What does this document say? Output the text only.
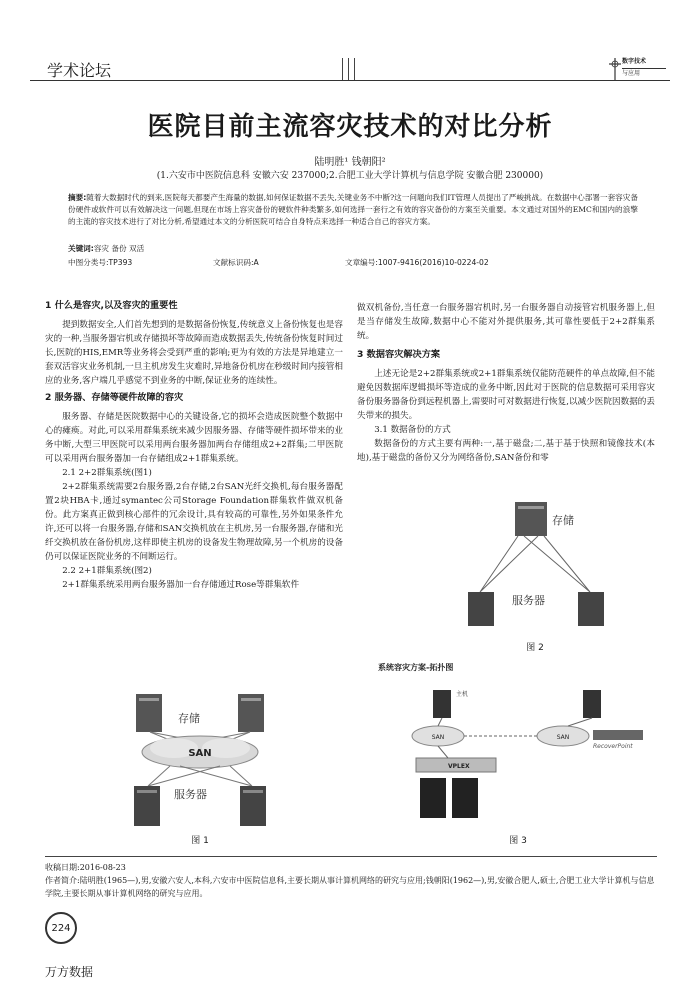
学术论坛	数字技术
与应用
医院目前主流容灾技术的对比分析
陆明胜¹ 钱朝阳²
(1.六安市中医院信息科 安徽六安 237000;2.合肥工业大学计算机与信息学院 安徽合肥 230000)
摘要:随着大数据时代的到来,医院每天都要产生海量的数据,如何保证数据不丢失,关键业务不中断?这一问题向我们IT管理人员提出了严峻挑战。在数据中心部署一套容灾备份硬件或软件可以有效解决这一问题,但现在市场上容灾备份的硬软件种类繁多,如何选择一套行之有效的容灾备份的方案至关重要。本文通过对国外的EMC和国内的浪擎的主流的容灾技术进行了对比分析,希望通过本文的分析医院可结合自身特点来选择一种适合自己的容灾方案。
关键词:容灾 备份 双活
中图分类号:TP393	文献标识码:A	文章编号:1007-9416(2016)10-0224-02
1 什么是容灾,以及容灾的重要性

提到数据安全,人们首先想到的是数据备份恢复,传统意义上备份恢复也是容灾的一种,当服务器宕机或存储损坏等故障而造成数据丢失,传统备份恢复时间过长,医院的HIS,EMR等业务将会受到严重的影响;更为有效的方法是异地建立一套双活容灾业务机制,一旦主机房发生灾难时,异地备份机房在秒级时间内接管相应的业务,客户端几乎感觉不到业务的中断,保证业务的连续性。

2 服务器、存储等硬件故障的容灾

服务器、存储是医院数据中心的关键设备,它的损坏会造成医院整个数据中心的瘫痪。对此,可以采用群集系统来减少因服务器、存储等硬件损坏带来的业务中断,大型三甲医院可以采用两台服务器加两台存储组成2+2群集;二甲医院可以采用两台服务器加一台存储组成2+1群集系统。

2.1 2+2群集系统(图1)

2+2群集系统需要2台服务器,2台存储,2台SAN光纤交换机,每台服务器配置2块HBA卡,通过symantec公司Storage Foundation群集软件做双机备份。此方案真正做到核心部件的冗余设计,具有较高的可靠性,另外如果条件允许,还可以将一台服务器,存储和SAN交换机放在主机房,另一台服务器,存储和光纤交换机放在备份机房,这样即使主机房的设备发生物理故障,另一个机房的设备仍可以保证医院业务的不间断运行。

2.2 2+1群集系统(图2)

2+1群集系统采用两台服务器加一台存储通过Rose等群集软件

做双机备份,当任意一台服务器宕机时,另一台服务器自动接管宕机服务器上,但是当存储发生故障,数据中心不能对外提供服务,其可靠性要低于2+2群集系统。

3 数据容灾解决方案

上述无论是2+2群集系统或2+1群集系统仅能防范硬件的单点故障,但不能避免因数据库逻辑损坏等造成的业务中断,因此对于医院的信息数据可采用容灾备份服务器备份到远程机器上,需要时可对数据进行恢复,以减少医院因数据的丢失带来的损失。

3.1 数据备份的方式

数据备份的方式主要有两种:一,基于磁盘;二,基于基于快照和镜像技术(本地),基于磁盘的备份又分为网络备份,SAN备份和零

存储
SAN
服务器
图 1
存储
服务器
图 2
系统容灾方案-拓扑图
主机
SAN	SAN
RecoverPoint
VPLEX
图 3
收稿日期:2016-08-23
作者简介:陆明胜(1965—),男,安徽六安人,本科,六安市中医院信息科,主要长期从事计算机网络的研究与应用;钱朝阳(1962—),男,安徽合肥人,硕士,合肥工业大学计算机与信息学院,主要长期从事计算机网络的研究与应用。
224
万方数据
